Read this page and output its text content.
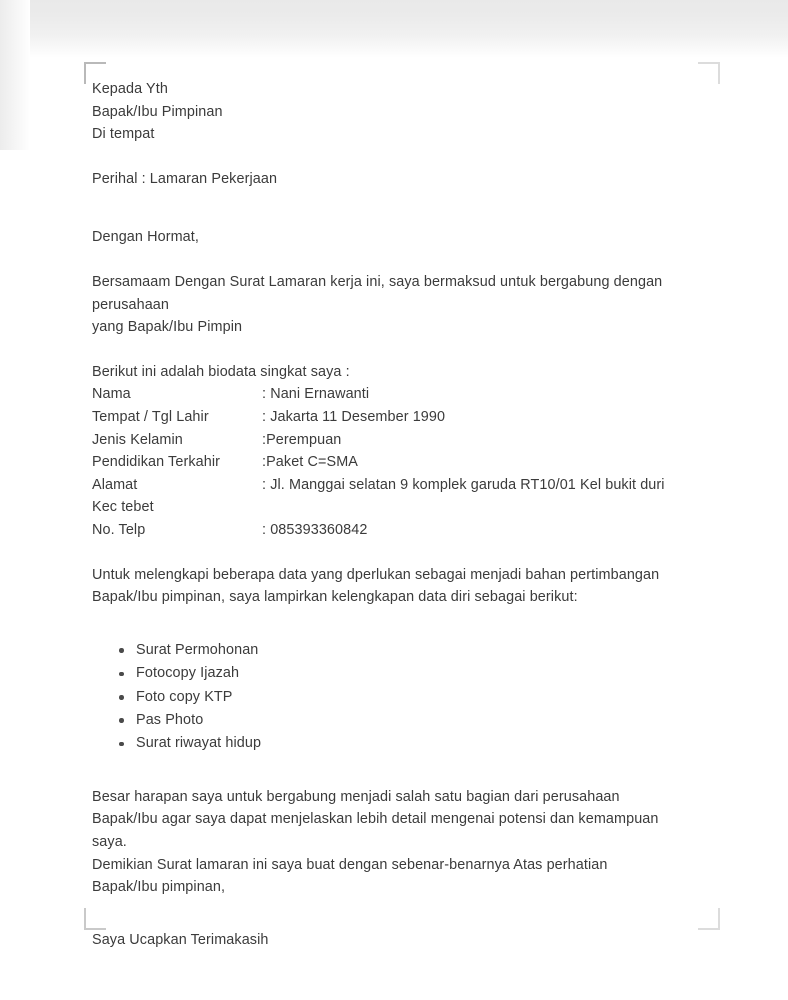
Kepada Yth
Bapak/Ibu Pimpinan
Di tempat
Perihal : Lamaran Pekerjaan
Dengan Hormat,
Bersamaam Dengan Surat Lamaran kerja ini, saya bermaksud untuk bergabung dengan perusahaan
yang Bapak/Ibu Pimpin
Berikut ini adalah biodata singkat saya :
Nama	: Nani Ernawanti
Tempat / Tgl Lahir	: Jakarta 11 Desember 1990
Jenis Kelamin	:Perempuan
Pendidikan Terkahir	:Paket C=SMA
Alamat	: Jl. Manggai selatan 9 komplek garuda RT10/01 Kel bukit duri
Kec tebet
No. Telp	: 085393360842
Untuk melengkapi beberapa data yang dperlukan sebagai menjadi bahan pertimbangan
Bapak/Ibu pimpinan, saya lampirkan kelengkapan data diri sebagai berikut:
Surat Permohonan
Fotocopy Ijazah
Foto copy KTP
Pas Photo
Surat riwayat hidup
Besar harapan saya untuk bergabung menjadi salah satu bagian dari perusahaan
Bapak/Ibu agar saya dapat menjelaskan lebih detail mengenai potensi dan kemampuan
saya.
Demikian Surat lamaran ini saya buat dengan sebenar-benarnya Atas perhatian
Bapak/Ibu pimpinan,
Saya Ucapkan Terimakasih
